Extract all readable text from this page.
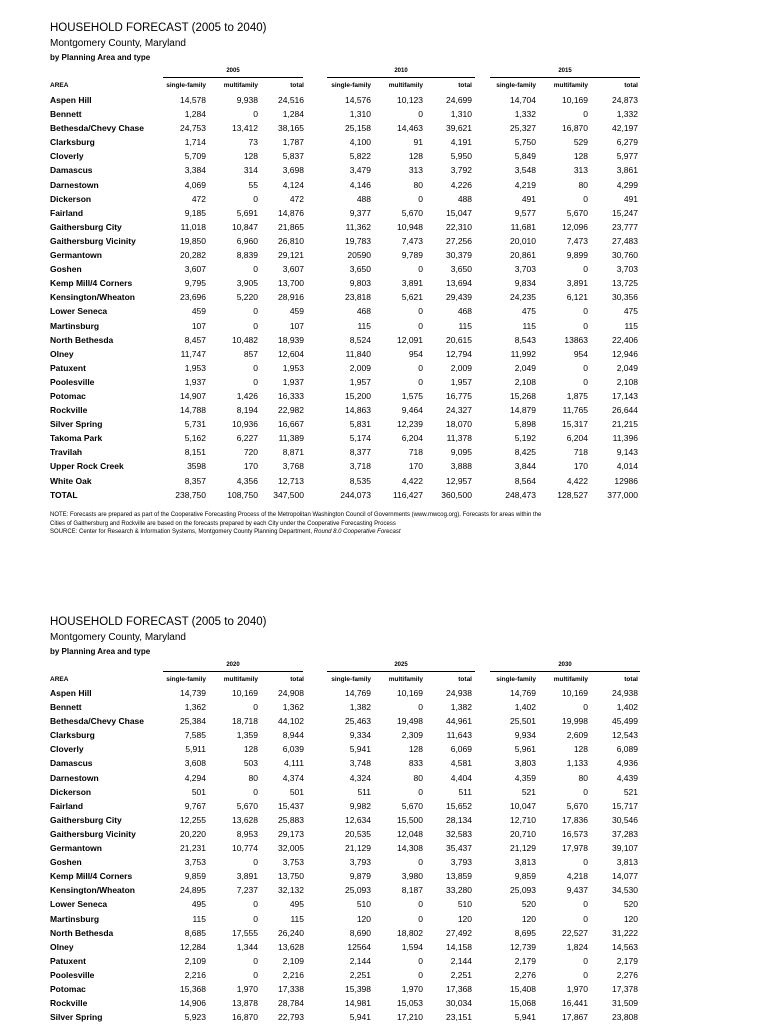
HOUSEHOLD FORECAST (2005 to 2040)
Montgomery County, Maryland
by Planning Area and type
2005	2010	2015
AREA	single-family	multifamily	total	single-family	multifamily	total	single-family	multifamily	total
Aspen Hill	14,578	9,938	24,516	14,576	10,123	24,699	14,704	10,169	24,873
Bennett	1,284	0	1,284	1,310	0	1,310	1,332	0	1,332
Bethesda/Chevy Chase	24,753	13,412	38,165	25,158	14,463	39,621	25,327	16,870	42,197
Clarksburg	1,714	73	1,787	4,100	91	4,191	5,750	529	6,279
Cloverly	5,709	128	5,837	5,822	128	5,950	5,849	128	5,977
Damascus	3,384	314	3,698	3,479	313	3,792	3,548	313	3,861
Darnestown	4,069	55	4,124	4,146	80	4,226	4,219	80	4,299
Dickerson	472	0	472	488	0	488	491	0	491
Fairland	9,185	5,691	14,876	9,377	5,670	15,047	9,577	5,670	15,247
Gaithersburg City	11,018	10,847	21,865	11,362	10,948	22,310	11,681	12,096	23,777
Gaithersburg Vicinity	19,850	6,960	26,810	19,783	7,473	27,256	20,010	7,473	27,483
Germantown	20,282	8,839	29,121	20590	9,789	30,379	20,861	9,899	30,760
Goshen	3,607	0	3,607	3,650	0	3,650	3,703	0	3,703
Kemp Mill/4 Corners	9,795	3,905	13,700	9,803	3,891	13,694	9,834	3,891	13,725
Kensington/Wheaton	23,696	5,220	28,916	23,818	5,621	29,439	24,235	6,121	30,356
Lower Seneca	459	0	459	468	0	468	475	0	475
Martinsburg	107	0	107	115	0	115	115	0	115
North Bethesda	8,457	10,482	18,939	8,524	12,091	20,615	8,543	13863	22,406
Olney	11,747	857	12,604	11,840	954	12,794	11,992	954	12,946
Patuxent	1,953	0	1,953	2,009	0	2,009	2,049	0	2,049
Poolesville	1,937	0	1,937	1,957	0	1,957	2,108	0	2,108
Potomac	14,907	1,426	16,333	15,200	1,575	16,775	15,268	1,875	17,143
Rockville	14,788	8,194	22,982	14,863	9,464	24,327	14,879	11,765	26,644
Silver Spring	5,731	10,936	16,667	5,831	12,239	18,070	5,898	15,317	21,215
Takoma Park	5,162	6,227	11,389	5,174	6,204	11,378	5,192	6,204	11,396
Travilah	8,151	720	8,871	8,377	718	9,095	8,425	718	9,143
Upper Rock Creek	3598	170	3,768	3,718	170	3,888	3,844	170	4,014
White Oak	8,357	4,356	12,713	8,535	4,422	12,957	8,564	4,422	12986
TOTAL	238,750	108,750	347,500	244,073	116,427	360,500	248,473	128,527	377,000
NOTE: Forecasts are prepared as part of the Cooperative Forecasting Process of the Metropolitan Washington Council of Governments (www.mwcog.org). Forecasts for areas within the
Cities of Gaithersburg and Rockville are based on the forecasts prepared by each City under the Cooperative Forecasting Process
SOURCE: Center for Research & Information Systems, Montgomery County Planning Department, Round 8.0 Cooperative Forecast
HOUSEHOLD FORECAST (2005 to 2040)
Montgomery County, Maryland
by Planning Area and type
2020	2025	2030
AREA	single-family	multifamily	total	single-family	multifamily	total	single-family	multifamily	total
Aspen Hill	14,739	10,169	24,908	14,769	10,169	24,938	14,769	10,169	24,938
Bennett	1,362	0	1,362	1,382	0	1,382	1,402	0	1,402
Bethesda/Chevy Chase	25,384	18,718	44,102	25,463	19,498	44,961	25,501	19,998	45,499
Clarksburg	7,585	1,359	8,944	9,334	2,309	11,643	9,934	2,609	12,543
Cloverly	5,911	128	6,039	5,941	128	6,069	5,961	128	6,089
Damascus	3,608	503	4,111	3,748	833	4,581	3,803	1,133	4,936
Darnestown	4,294	80	4,374	4,324	80	4,404	4,359	80	4,439
Dickerson	501	0	501	511	0	511	521	0	521
Fairland	9,767	5,670	15,437	9,982	5,670	15,652	10,047	5,670	15,717
Gaithersburg City	12,255	13,628	25,883	12,634	15,500	28,134	12,710	17,836	30,546
Gaithersburg Vicinity	20,220	8,953	29,173	20,535	12,048	32,583	20,710	16,573	37,283
Germantown	21,231	10,774	32,005	21,129	14,308	35,437	21,129	17,978	39,107
Goshen	3,753	0	3,753	3,793	0	3,793	3,813	0	3,813
Kemp Mill/4 Corners	9,859	3,891	13,750	9,879	3,980	13,859	9,859	4,218	14,077
Kensington/Wheaton	24,895	7,237	32,132	25,093	8,187	33,280	25,093	9,437	34,530
Lower Seneca	495	0	495	510	0	510	520	0	520
Martinsburg	115	0	115	120	0	120	120	0	120
North Bethesda	8,685	17,555	26,240	8,690	18,802	27,492	8,695	22,527	31,222
Olney	12,284	1,344	13,628	12564	1,594	14,158	12,739	1,824	14,563
Patuxent	2,109	0	2,109	2,144	0	2,144	2,179	0	2,179
Poolesville	2,216	0	2,216	2,251	0	2,251	2,276	0	2,276
Potomac	15,368	1,970	17,338	15,398	1,970	17,368	15,408	1,970	17,378
Rockville	14,906	13,878	28,784	14,981	15,053	30,034	15,068	16,441	31,509
Silver Spring	5,923	16,870	22,793	5,941	17,210	23,151	5,941	17,867	23,808
